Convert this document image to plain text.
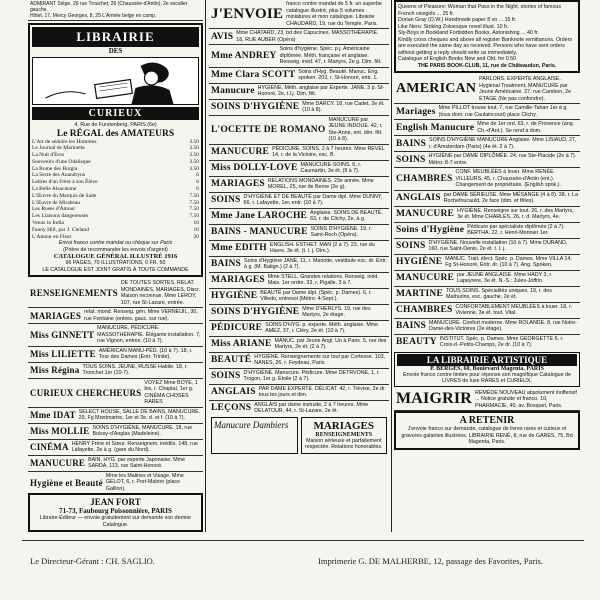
ADMIRANT Siège, 26 rue Trouchet, 26 (Chaussée-d'Antin), 2e escalier gauche.
Hôtel, 17, Mercy Georges, 8, 25 L'Armée belge en camp.
LIBRAIRIE
DES
CURIEUX
4, Rue de Furstenberg, PARIS (6e)
Le RÉGAL des AMATEURS
L'Art de séduire les Hommes.	3.50
Le Journal de Marinette	3.50
La Nuit d'Éros	3.50
Souvenirs d'une Odalisque	3.50
La Rome des Borgia	3.50
La Secte des Anandryns	6
Lettres d'un Frère à son Élève	6
La Belle Alsacienne	6
L'Œuvre du Marquis de Sade	7.50
L'Œuvre de Mirabeau	7.50
Les Ruses d'Amour	7.50
Les Liaisons dangereuses	7.50
Venus in India	10
Fanny Hill, par J. Cleland	10
L'Amour en Fleur	20
Envoi franco contre mandat ou chèque sur Paris
(Prière de recommander les envois d'argent)
CATALOGUE GÉNÉRAL ILLUSTRÉ 1916
96 PAGES, 70 ILLUSTRATIONS, 0 FR. 50
LE CATALOGUE EST JOINT GRATIS À TOUTE COMMANDE
RENSEIGNEMENTS
DE TOUTES SORTES, RELAT. MONDAINES, MARIAGES, Discr. Maison reconnue. Mme LEROY, 107, rue St-Lazare, entrée.
MARIAGES relat. mond. Renseig. gén. Mme VERNEUIL, 30, rue Fontaine (entres. gauc. sur rue).
Miss GINNETT
MANUCURE, PÉDICURE. MASSOTHÉRAPIE. Élégante installation. 7, rue Vignon, entres. (10 à 7).
Miss LILIETTE AMÉRICAN MANU-PÉD. (10 à 7). 18, r. Tour des Dames (Entr. Trinité).
Miss Régina TOUS SOINS. JEUNE, RUSSE Habile. 18, r. Tronchet 1er (10-7).
CURIEUX CHERCHEURS
VOYEZ Mme BOYE, 1 bis, r. Chaptal, 1er g. CINÉMA CHOSES RARES
Mme IDAT SELECT HOUSE, SALLE DE BAINS, MANUCURE. 29, Fg Montmartre, 1er et 3e, d. et f. (10 à 7).
Miss MOLLIE SOINS D'HYGIÈNE, MANUCURE. 18, rue Boissy-d'Anglas (Madeleine).
CINÉMA HENRY Frère et Sœur. Renseignem. inédits. 148, rue Lafayette, 2e à g. (gare du Nord).
MANUCURE BAIN. HYG. par experte Japonaise. Mme SARDA, 113, rue Saint-Honoré.
Hygiène et Beauté
Mme les Malines et Visage. Mme GELOT, 6, r. Port-Mahon (place Gaillon).
JEAN FORT
71-73, Faubourg Poissonnière, PARIS
Libraire-Éditeur — envoie gratuitement sur demande son dernier Catalogue.
J'ENVOIE
franco contre mandat de 5 fr. un superbe catalogue illustré, plus 5 volumes miniatures et mon catalogue. Librairie CHAUDARD, 19, rue du Temple, Paris.
AVIS Mme CHATARD, 23, bd des Capucines. MASSOTHÉRAPIE. 18, RUE AUBER (Opéra)
Mme ANDREY
Soins d'hygiène. Spéc. p.j. Américaine diplômée. Méth. française et anglaise. Renseig. inéd. 47, r. Martyrs, 2e g. Dim. fêt.
Mme Clara SCOTT Soins d'Hyg. Beauté. Manuc. Eng. spoken. 203, r. St-Honoré, entr. 1.
Manucure HYGIÈNE, Méth. anglaise par Experte. JANE, 3 p. St-Honoré, 2e, t.l.j. Dim. fêt.
SOINS D'HYGIÈNE Mme DARCY. 18, rue Cadet, 2e ét. (10 à 8).
L'OCETTE DE ROMANO
MANUCURE par JEUNE INDOUE. 42, r. Ste-Anne, ent. dim. fêt. (10 à 8).
MANUCURE PÉDICURE. SOINS. 2 à 7 heures. Mme REVEL 14, r. de la Victoire, esc. B.
Miss DOLLY-LOVE MANUCURE-SOINS. 6, r. Caumartin, 3e ét. (9 à 7).
MARIAGES RELATIONS MONDAINES. 23e année. Mme MOREL, 25, rue de Berne (2e g).
SOINS D'HYGIÈNE ET DE BEAUTÉ par Dame dipl. Mme DUNNY, 66, r. Lafayette, 1er, entr. (10 à 7).
Mme Jane LAROCHE Anglaise. SOINS DE BEAUTÉ. 63, r. de Clichy, 2e, à g.
BAINS - MANUCURE SOINS D'HYGIÈNE. 19, r. Saint-Roch (Opéra).
Mme EDITH ENGLISH. ESTHET. MAN (2 à 7). 23, rue du Havre, 3e ét. (t. l. j. Dim.).
BAINS Soins d'Hygiène JANE, 11, r. Mariotte, vestibule esc. dr. Entr. à g. (M. Batign.) (2 à 7).
MARIAGES Mme STELL. Grandes relations. Renseig. inéd. Mais. 1er ordre. 33, r. Pigalle. 3 à 7.
HYGIÈNE BEAUTÉ par Dame dipl. (Spéc. p. Dames). 6, r. Villedo, entresol (Métro: 4-Sept.).
SOINS D'HYGIÈNE Mme D'HERLYS. 19, rue des Martyrs, 2e étage.
PÉDICURE SOINS D'HYG. p. experte. Méth. anglaise. Mme AMEZ, 37, r. Cléry, 2e ét. (10 à 7).
Miss ARIANE MANUC. par Jeune Angl. Un à Paris. 5, rue des Martyrs, 2e ét. (2 à 7).
BEAUTÉ HYGIÈNE. Renseignements sur tout par Cortesse. 103, NANES, 26, r. Feydeau, Paris.
SOINS D'HYGIÈNE. Manucure. Pédicure. Mme DETRVONE, 1, r. Trogon, 1er g. Étoile (2 à 7).
ANGLAIS PAR DAME EXPERTE. DÉLICAT. 42, r. Trévise, 2e dr. tous les jours et dim.
LEÇONS ANGLAIS par dame instruite, 2 à 7 heures. Mme DELATOUR, 44, r. St-Lazare, 2e ét.
Manucure Dambiers	MARIAGES
RENSEIGNEMENTS
Maison sérieuse et parfaitement respectée. Relations honorables.
Queens of Pleasure: Woman that Pass in the Night, stories of famous French vicegirls ... 25 fr.
Dorian Gray (O.W.) Handmade paper 8 vo ... 15 fr.
Like Nero: Striking Zoloesque novel illust. 10 fr.
Sly-Boys in Bookland Forbidden Books. Astonishing ... 40 fr.
Kindly cross cheques and above all register Banknote remittances. Orders are executed the same day as received. Persons who have sent orders without getting a reply should write us immediately.
Catalogue of English Books New and Old, for 0 50
THE PARIS BOOK-CLUB, 11, rue de Châteaudun, Paris.
AMERICAN
PARLORS. EXPERTE ANGLAISE. Hygienal Treatment, MANUCURE par Jeune Américaine. 27, rue Cambon, 2e ÉTAGE (Ne pas confondre).
Mariages Mme PILLOT trouve tout. 7, rue Camille-Tahan 1er à g. (tous dom. rue Caulaincourt) place Clichy.
English Manucure Mme de 1er ord. 63, r. de Provence (ang. Ch.-d'Ant.). Se rend à dom.
BAINS SOINS D'HYGIÈNE MANUCURE Anglaise. Mme LISIAUD, 27, r. d'Amsterdam (Paris) (4e ét. 2 à 7).
SOINS HYGIÈNE par DAME DIPLÔMÉE. 24, rue Ste-Placide (2e à 7). Métro: 8-7 entre.
CHAMBRES
CONF. MEUBLÉES à louer. Mme RENÉE VILLEURS, 45, r. Chaussée-d'Antin (ent.). Changement de propriétaire. (English spok.).
ANGLAIS par DAME SÉRIEUSE. Mme MÉSANGE (4 à 8). 38, r. La Rochefoucauld, 2e face (dim. et fêtes).
MANUCURE HYGIÈNE. Renseigne sur tout. 26, r. des Martyrs, 3e ét. Mme CHARLES, 26, r. d. Martyrs, 4e.
Soins d'Hygiène Pédicure par spécialiste diplômée (2 à 7). BERTHA, 22, r. Henri-Monnier 1er.
SOINS D'HYGIÈNE. Nouvelle installation (10 à 7). Mme DURAND, 160, rue Saint-Denis, 2e ét. t. l. j.
HYGIÈNE MANUC. Trait. élect. Spéc. p. Dames. Mme VILLA 14, Fg St-Honoré, Entr. dr. (10 à 7). Ang. Spoken.
MANUCURE par JEUNE ANGLAISE. Mme HADY 3, r. Lapeyrere, 3e ét. N.-S.: Jules-Joffrin.
MARTINE TOUS SOINS. Spécialités uniques. 19, r. des Mathurins, esc. gauche, 2e ét.
CHAMBRES CONFORTABLEMENT MEUBLÉES à louer. 18, r. Vivienne, 3e ét. tout. Vital.
BAINS MANUCURE. Confort moderne. Mme ROLANDE. 8, rue Notre-Dame-des-Victoires (2e étage).
BEAUTY INSTITUT. Spéc. p. Dames. Mme GEORGETTE 6, r. Croix-d.-Petits-Champs, 2e dr. (10 à 7).
LA LIBRAIRIE ARTISTIQUE
P. BERGÈS, 60, Boulevard Magenta, PARIS
Envoie franco contre timbre pour réponse son magnifique Catalogue de LIVRES de luxe RARES et CURIEUX.
MAIGRIR REMÈDE NOUVEAU absolument inoffensif ... Notice gratuite et franco. 10, PHARMACIE, 40, av. Bosquet, Paris.
A RETENIR
J'envoie franco sur demande, catalogue de livres rares et curieux et gravures galantes illustrées. LIBRAIRIE RENÉ, 8, rue de GARES, 75, Bd Magenta, Paris.
Le Directeur-Gérant : CH. SAGLIO.	Imprimerie G. DE MALHERBE, 12, passage des Favorites, Paris.
